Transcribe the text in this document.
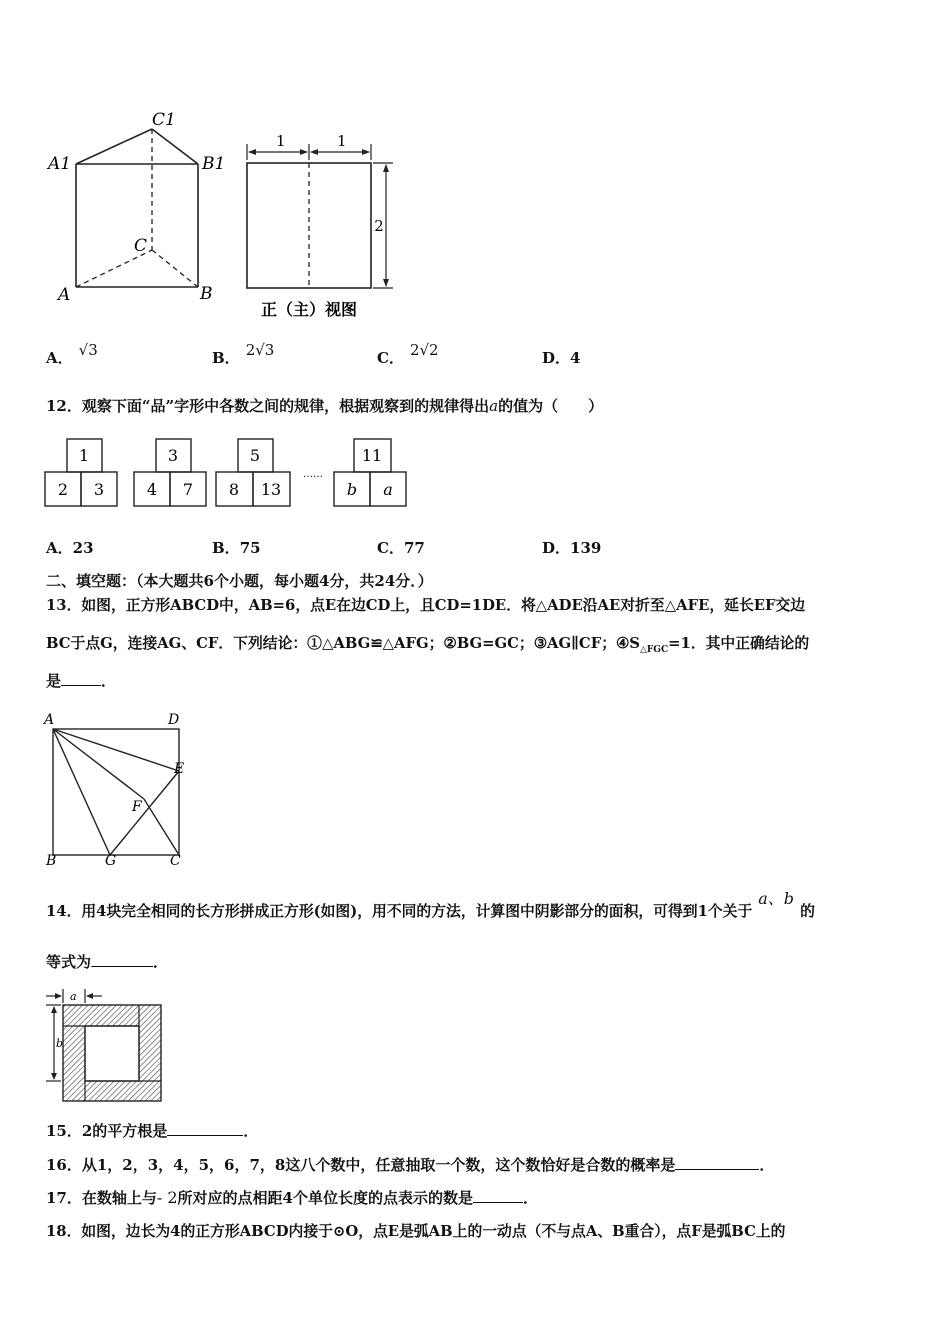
A1	B1
C1
A	B
C
1	1
2
正（主）视图
A． √3	B． 2√3	C． 2√2	D．4
12．观察下面“品”字形中各数之间的规律，根据观察到的规律得出a的值为（　　）
1
2 3
3
4 7
5
8 13
11
b a
……
A．23	B．75	C．77	D．139
二、填空题：（本大题共6个小题，每小题4分，共24分．）
13．如图，正方形ABCD中，AB=6，点E在边CD上，且CD=1DE．将△ADE沿AE对折至△AFE，延长EF交边
BC于点G，连接AG、CF．下列结论：①△ABG≌△AFG；②BG=GC；③AG∥CF；$④S_{\triangle FGC}=1$．其中正确结论的
是	．
A	D
E
F
B	G	C
14．用4块完全相同的长方形拼成正方形(如图)，用不同的方法，计算图中阴影部分的面积，可得到1个关于a、b的
等式为	．
a
b
15．2的平方根是	．
16．从1，2，3，4，5，6，7，8这八个数中，任意抽取一个数，这个数恰好是合数的概率是	．
17．在数轴上与- 2所对应的点相距4个单位长度的点表示的数是	．
18．如图，边长为4的正方形ABCD内接于⊙O，点E是弧AB上的一动点（不与点A、B重合），点F是弧BC上的
